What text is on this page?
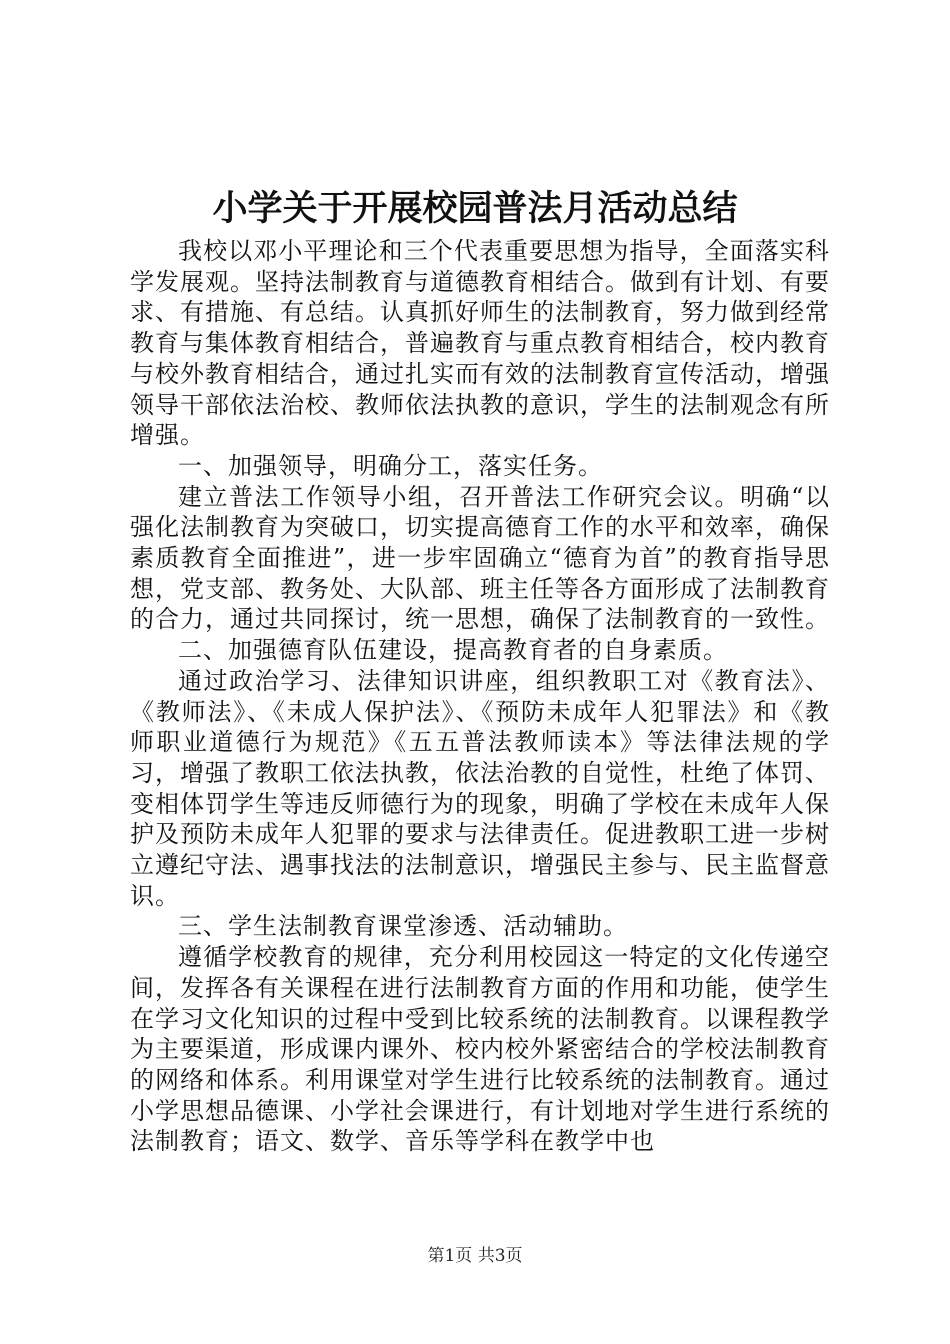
小学关于开展校园普法月活动总结

我校以邓小平理论和三个代表重要思想为指导，全面落实科学发展观。坚持法制教育与道德教育相结合。做到有计划、有要求、有措施、有总结。认真抓好师生的法制教育，努力做到经常教育与集体教育相结合，普遍教育与重点教育相结合，校内教育与校外教育相结合，通过扎实而有效的法制教育宣传活动，增强领导干部依法治校、教师依法执教的意识，学生的法制观念有所增强。

一、加强领导，明确分工，落实任务。

建立普法工作领导小组，召开普法工作研究会议。明确“以强化法制教育为突破口，切实提高德育工作的水平和效率，确保素质教育全面推进”，进一步牢固确立“德育为首”的教育指导思想，党支部、教务处、大队部、班主任等各方面形成了法制教育的合力，通过共同探讨，统一思想，确保了法制教育的一致性。

二、加强德育队伍建设，提高教育者的自身素质。

通过政治学习、法律知识讲座，组织教职工对《教育法》、《教师法》、《未成人保护法》、《预防未成年人犯罪法》和《教师职业道德行为规范》《五五普法教师读本》等法律法规的学习，增强了教职工依法执教，依法治教的自觉性，杜绝了体罚、变相体罚学生等违反师德行为的现象，明确了学校在未成年人保护及预防未成年人犯罪的要求与法律责任。促进教职工进一步树立遵纪守法、遇事找法的法制意识，增强民主参与、民主监督意识。

三、学生法制教育课堂渗透、活动辅助。

遵循学校教育的规律，充分利用校园这一特定的文化传递空间，发挥各有关课程在进行法制教育方面的作用和功能，使学生在学习文化知识的过程中受到比较系统的法制教育。以课程教学为主要渠道，形成课内课外、校内校外紧密结合的学校法制教育的网络和体系。利用课堂对学生进行比较系统的法制教育。通过小学思想品德课、小学社会课进行，有计划地对学生进行系统的法制教育；语文、数学、音乐等学科在教学中也

第1页 共3页
